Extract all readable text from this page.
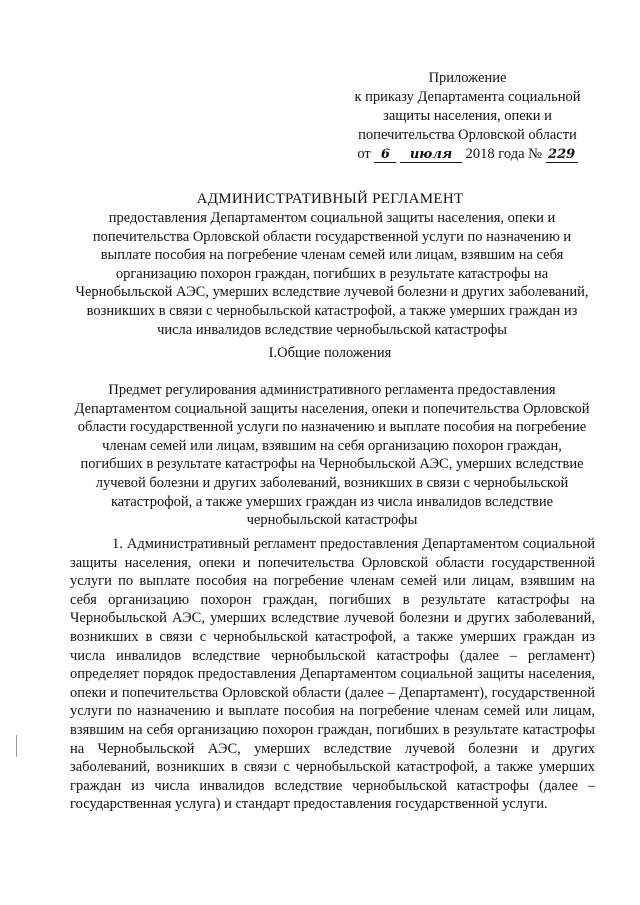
Приложение
к приказу Департамента социальной
защиты населения, опеки и
попечительства Орловской области
от 6 июля 2018 года № 229
АДМИНИСТРАТИВНЫЙ РЕГЛАМЕНТ
предоставления Департаментом социальной защиты населения, опеки и попечительства Орловской области государственной услуги по назначению и выплате пособия на погребение членам семей или лицам, взявшим на себя организацию похорон граждан, погибших в результате катастрофы на Чернобыльской АЭС, умерших вследствие лучевой болезни и других заболеваний, возникших в связи с чернобыльской катастрофой, а также умерших граждан из числа инвалидов вследствие чернобыльской катастрофы
I.Общие положения
Предмет регулирования административного регламента предоставления Департаментом социальной защиты населения, опеки и попечительства Орловской области государственной услуги по назначению и выплате пособия на погребение членам семей или лицам, взявшим на себя организацию похорон граждан, погибших в результате катастрофы на Чернобыльской АЭС, умерших вследствие лучевой болезни и других заболеваний, возникших в связи с чернобыльской катастрофой, а также умерших граждан из числа инвалидов вследствие чернобыльской катастрофы
1. Административный регламент предоставления Департаментом социальной защиты населения, опеки и попечительства Орловской области государственной услуги по выплате пособия на погребение членам семей или лицам, взявшим на себя организацию похорон граждан, погибших в результате катастрофы на Чернобыльской АЭС, умерших вследствие лучевой болезни и других заболеваний, возникших в связи с чернобыльской катастрофой, а также умерших граждан из числа инвалидов вследствие чернобыльской катастрофы (далее – регламент) определяет порядок предоставления Департаментом социальной защиты населения, опеки и попечительства Орловской области (далее – Департамент), государственной услуги по назначению и выплате пособия на погребение членам семей или лицам, взявшим на себя организацию похорон граждан, погибших в результате катастрофы на Чернобыльской АЭС, умерших вследствие лучевой болезни и других заболеваний, возникших в связи с чернобыльской катастрофой, а также умерших граждан из числа инвалидов вследствие чернобыльской катастрофы (далее – государственная услуга) и стандарт предоставления государственной услуги.
